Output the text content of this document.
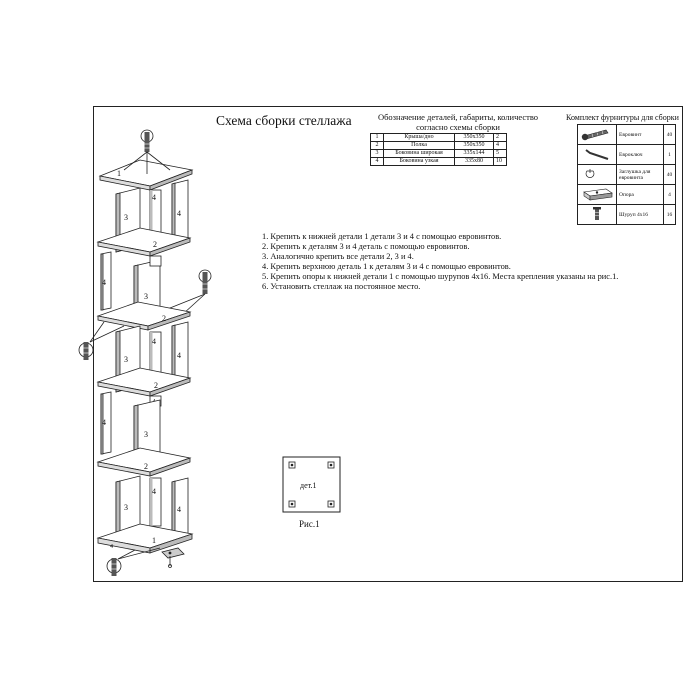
1
3
4
4
2
4
3
2
3
4
4
2
4
3
2
3
4
4
1
4
дет.1
Схема сборки стеллажа	Обозначение деталей, габариты, количество
согласно схемы сборки
1	Крыша/дно	350x350	2
2	Полка	350x350	4
3	Боковина широкая	335x144	5
4	Боковина узкая	335x80	10
Комплект фурнитуры для сборки
	Евровинт	40
	Евроключ	1
	Заглушка для евровинта	40
	Опора	4
	Шуруп 4x16	16
1. Крепить к нижней детали 1 детали 3 и 4 с помощью евровинтов.
2. Крепить к деталям 3 и 4 деталь с помощью евровинтов.
3. Аналогично крепить все детали 2, 3 и 4.
4. Крепить верхнюю деталь 1 к деталям 3 и 4 с помощью евровинтов.
5. Крепить опоры к нижней детали 1 с помощью шурупов 4x16. Места крепления указаны на рис.1.
6. Установить стеллаж на постоянное место.
Рис.1
